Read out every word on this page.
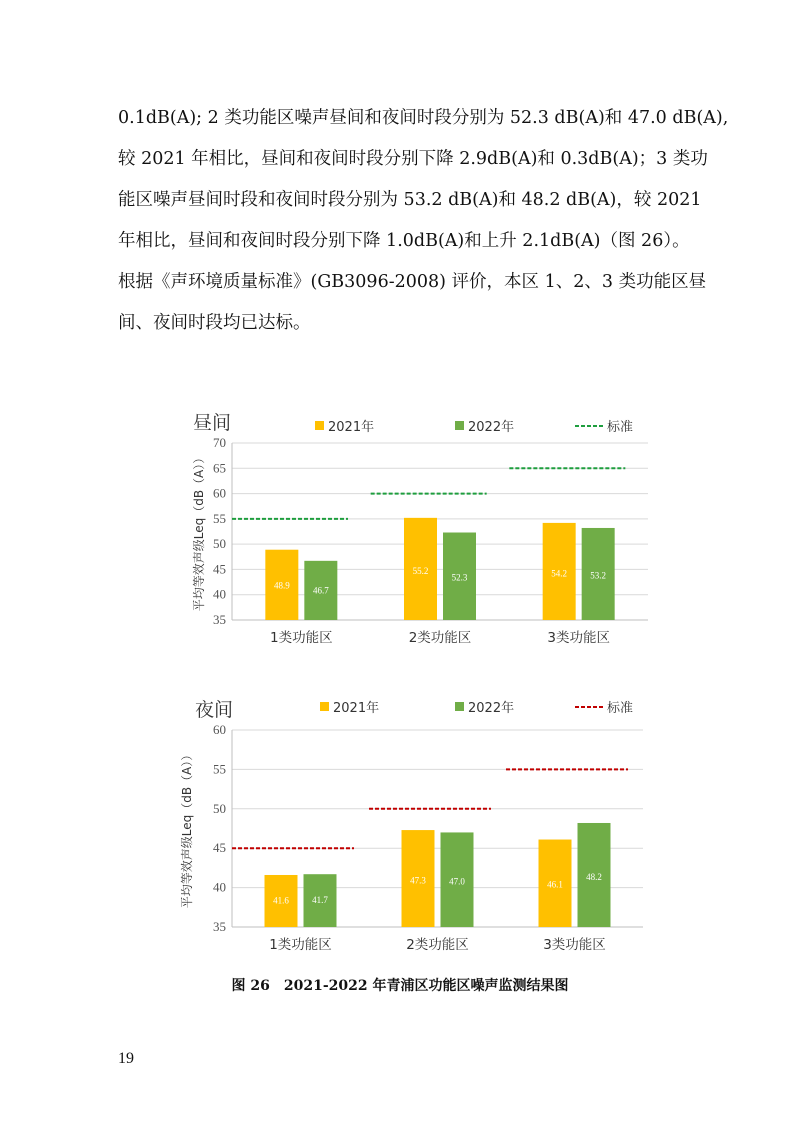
0.1dB(A); 2 类功能区噪声昼间和夜间时段分别为 52.3 dB(A)和 47.0 dB(A),
较 2021 年相比，昼间和夜间时段分别下降 2.9dB(A)和 0.3dB(A)；3 类功
能区噪声昼间时段和夜间时段分别为 53.2 dB(A)和 48.2 dB(A)，较 2021
年相比，昼间和夜间时段分别下降 1.0dB(A)和上升 2.1dB(A)（图 26）。
根据《声环境质量标准》(GB3096-2008) 评价，本区 1、2、3 类功能区昼
间、夜间时段均已达标。
昼间	2021年	2022年	标准
35
40
45
50
55
60
65
70
平均等效声级Leq（dB（A））	48.9
46.7
1类功能区
55.2
52.3
2类功能区
54.2	53.2
3类功能区
夜间	2021年	2022年	标准
35
40
45
50
55
60
平均等效声级Leq（dB（A））	41.6	41.7
1类功能区
47.3	47.0
2类功能区
46.1
48.2
3类功能区
图 26　2021-2022 年青浦区功能区噪声监测结果图
19
